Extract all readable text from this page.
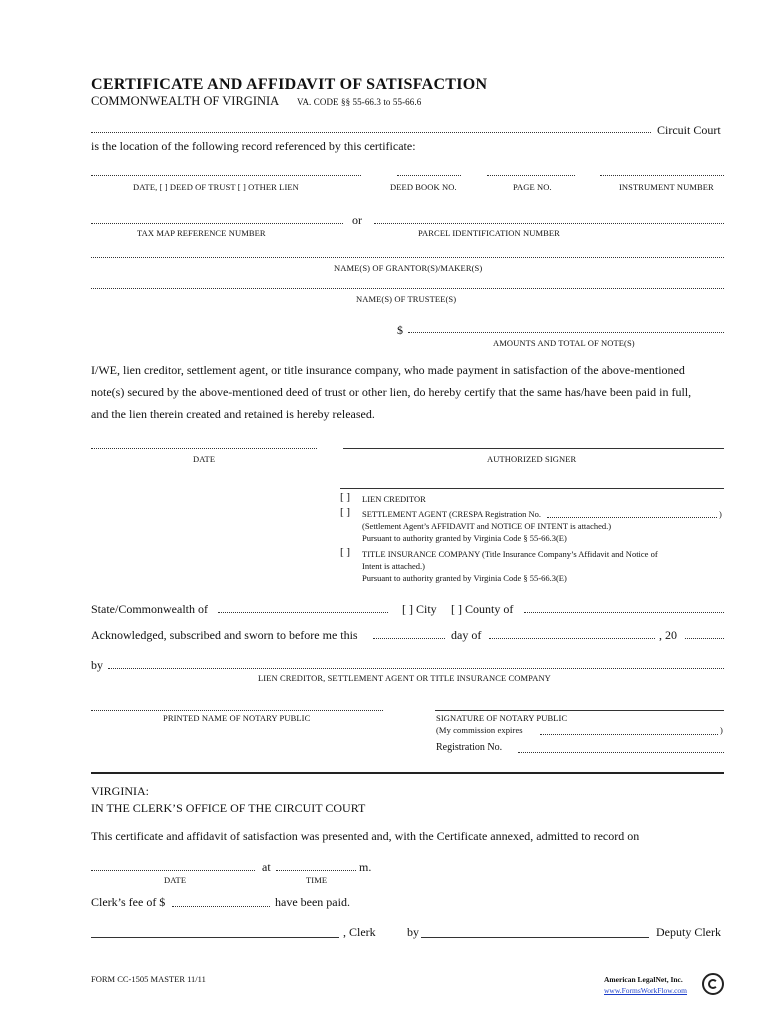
CERTIFICATE AND AFFIDAVIT OF SATISFACTION
COMMONWEALTH OF VIRGINIA VA. CODE §§ 55-66.3 to 55-66.6
Circuit Court
is the location of the following record referenced by this certificate:
DATE, [ ] DEED OF TRUST [ ] OTHER LIEN	DEED BOOK NO.	PAGE NO.	INSTRUMENT NUMBER
or
TAX MAP REFERENCE NUMBER	PARCEL IDENTIFICATION NUMBER
NAME(S) OF GRANTOR(S)/MAKER(S)
NAME(S) OF TRUSTEE(S)
$
AMOUNTS AND TOTAL OF NOTE(S)
I/WE, lien creditor, settlement agent, or title insurance company, who made payment in satisfaction of the above-mentioned
note(s) secured by the above-mentioned deed of trust or other lien, do hereby certify that the same has/have been paid in full,
and the lien therein created and retained is hereby released.
DATE	AUTHORIZED SIGNER
[ ] LIEN CREDITOR
[ ] SETTLEMENT AGENT (CRESPA Registration No.	)
(Settlement Agent’s AFFIDAVIT and NOTICE OF INTENT is attached.)
Pursuant to authority granted by Virginia Code § 55-66.3(E)
[ ] TITLE INSURANCE COMPANY (Title Insurance Company’s Affidavit and Notice of
Intent is attached.)
Pursuant to authority granted by Virginia Code § 55-66.3(E)
State/Commonwealth of	[ ] City [ ] County of
Acknowledged, subscribed and sworn to before me this	day of	, 20
by
LIEN CREDITOR, SETTLEMENT AGENT OR TITLE INSURANCE COMPANY
PRINTED NAME OF NOTARY PUBLIC	SIGNATURE OF NOTARY PUBLIC
(My commission expires	)
Registration No.
VIRGINIA:
IN THE CLERK’S OFFICE OF THE CIRCUIT COURT
This certificate and affidavit of satisfaction was presented and, with the Certificate annexed, admitted to record on
at	m.
DATE	TIME
Clerk’s fee of $	have been paid.
, Clerk	by	Deputy Clerk
FORM CC-1505 MASTER 11/11	American LegalNet, Inc.
www.FormsWorkFlow.com
